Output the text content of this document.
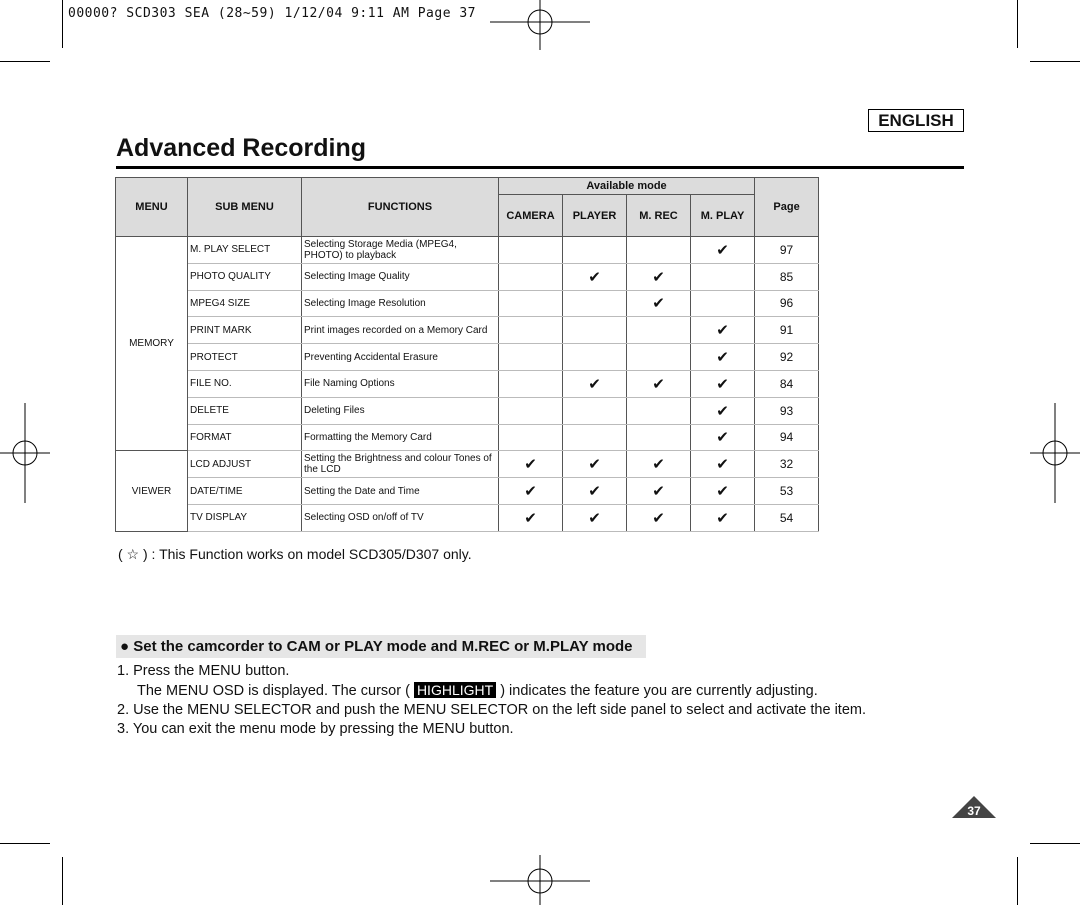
00000? SCD303 SEA (28~59) 1/12/04 9:11 AM Page 37
ENGLISH
Advanced Recording
MENU	SUB MENU	FUNCTIONS	Available mode				Page
			CAMERA	PLAYER	M. REC	M. PLAY	
MEMORY	M. PLAY SELECT	Selecting Storage Media (MPEG4, PHOTO) to playback				✔	97
	PHOTO QUALITY	Selecting Image Quality		✔	✔		85
	MPEG4 SIZE	Selecting Image Resolution			✔		96
	PRINT MARK	Print images recorded on a Memory Card				✔	91
	PROTECT	Preventing Accidental Erasure				✔	92
	FILE NO.	File Naming Options		✔	✔	✔	84
	DELETE	Deleting Files				✔	93
	FORMAT	Formatting the Memory Card				✔	94
VIEWER	LCD ADJUST	Setting the Brightness and colour Tones of the LCD	✔	✔	✔	✔	32
	DATE/TIME	Setting the Date and Time	✔	✔	✔	✔	53
	TV DISPLAY	Selecting OSD on/off of TV	✔	✔	✔	✔	54
( ☆ ) : This Function works on model SCD305/D307 only.
● Set the camcorder to CAM or PLAY mode and M.REC or M.PLAY mode
1. Press the MENU button.
The MENU OSD is displayed. The cursor ( HIGHLIGHT ) indicates the feature you are currently adjusting.
2. Use the MENU SELECTOR and push the MENU SELECTOR on the left side panel to select and activate the item.
3. You can exit the menu mode by pressing the MENU button.
37
